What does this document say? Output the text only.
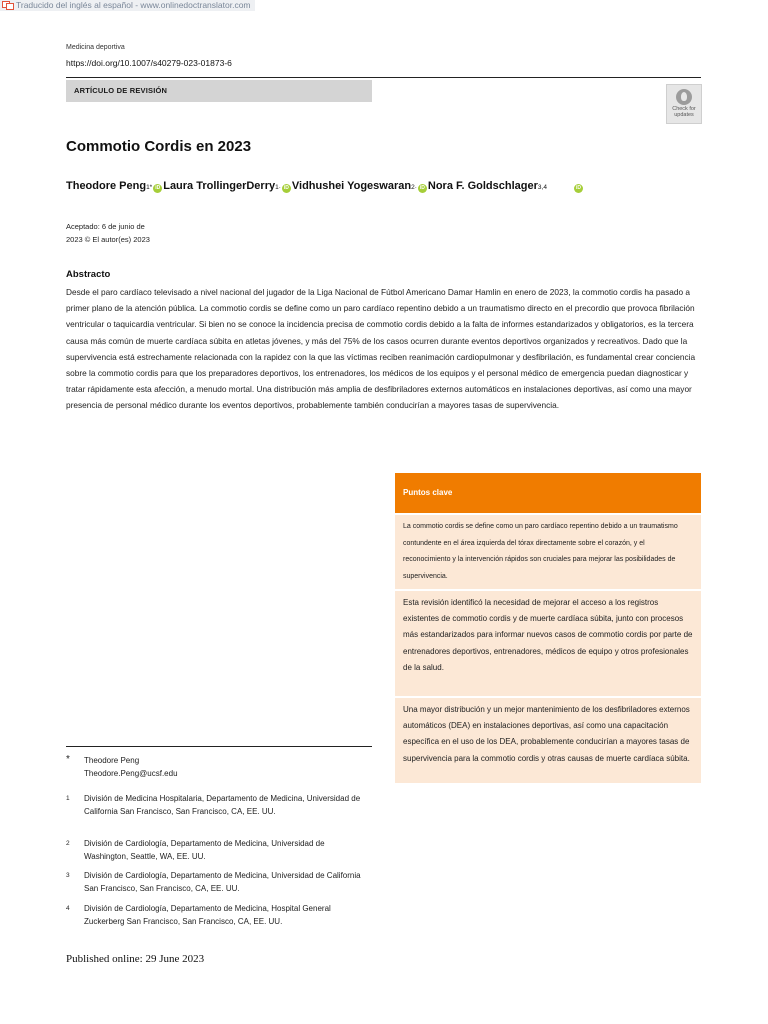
Traducido del inglés al español - www.onlinedoctranslator.com
Medicina deportiva
https://doi.org/10.1007/s40279-023-01873-6
ARTÍCULO DE REVISIÓN
Check for
updates
Commotio Cordis en 2023
Theodore Peng 1* iD Laura TrollingerDerry 1· iD Vidhushei Yogeswaran 2· iD Nora F. Goldschlager 3,4	iD
Aceptado: 6 de junio de
2023 © El autor(es) 2023
Abstracto
Desde el paro cardíaco televisado a nivel nacional del jugador de la Liga Nacional de Fútbol Americano Damar Hamlin en enero de 2023, la commotio cordis ha pasado a primer plano de la atención pública. La commotio cordis se define como un paro cardíaco repentino debido a un traumatismo directo en el precordio que provoca fibrilación ventricular o taquicardia ventricular. Si bien no se conoce la incidencia precisa de commotio cordis debido a la falta de informes estandarizados y obligatorios, es la tercera causa más común de muerte cardíaca súbita en atletas jóvenes, y más del 75% de los casos ocurren durante eventos deportivos organizados y recreativos. Dado que la supervivencia está estrechamente relacionada con la rapidez con la que las víctimas reciben reanimación cardiopulmonar y desfibrilación, es fundamental crear conciencia sobre la commotio cordis para que los preparadores deportivos, los entrenadores, los médicos de los equipos y el personal médico de emergencia puedan diagnosticar y tratar rápidamente esta afección, a menudo mortal. Una distribución más amplia de desfibriladores externos automáticos en instalaciones deportivas, así como una mayor presencia de personal médico durante los eventos deportivos, probablemente también conducirían a mayores tasas de supervivencia.
Puntos clave
La commotio cordis se define como un paro cardíaco repentino debido a un traumatismo contundente en el área izquierda del tórax directamente sobre el corazón, y el reconocimiento y la intervención rápidos son cruciales para mejorar las posibilidades de supervivencia.
Esta revisión identificó la necesidad de mejorar el acceso a los registros existentes de commotio cordis y de muerte cardíaca súbita, junto con procesos más estandarizados para informar nuevos casos de commotio cordis por parte de entrenadores deportivos, entrenadores, médicos de equipo y otros profesionales de la salud.
Una mayor distribución y un mejor mantenimiento de los desfibriladores externos automáticos (DEA) en instalaciones deportivas, así como una capacitación específica en el uso de los DEA, probablemente conducirían a mayores tasas de supervivencia para la commotio cordis y otras causas de muerte cardíaca súbita.
* Theodore Peng
Theodore.Peng@ucsf.edu
1 División de Medicina Hospitalaria, Departamento de Medicina, Universidad de California San Francisco, San Francisco, CA, EE. UU.
2 División de Cardiología, Departamento de Medicina, Universidad de Washington, Seattle, WA, EE. UU.
3 División de Cardiología, Departamento de Medicina, Universidad de California San Francisco, San Francisco, CA, EE. UU.
4 División de Cardiología, Departamento de Medicina, Hospital General Zuckerberg San Francisco, San Francisco, CA, EE. UU.
Published online: 29 June 2023
